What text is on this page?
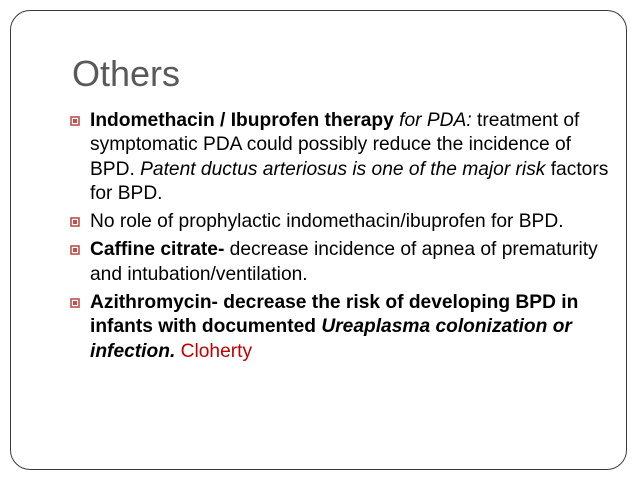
Others
Indomethacin / Ibuprofen therapy for PDA: treatment of symptomatic PDA could possibly reduce the incidence of BPD. Patent ductus arteriosus is one of the major risk factors for BPD.
No role of prophylactic indomethacin/ibuprofen for BPD.
Caffine citrate- decrease incidence of apnea of prematurity and intubation/ventilation.
Azithromycin- decrease the risk of developing BPD in infants with documented Ureaplasma colonization or infection. Cloherty
